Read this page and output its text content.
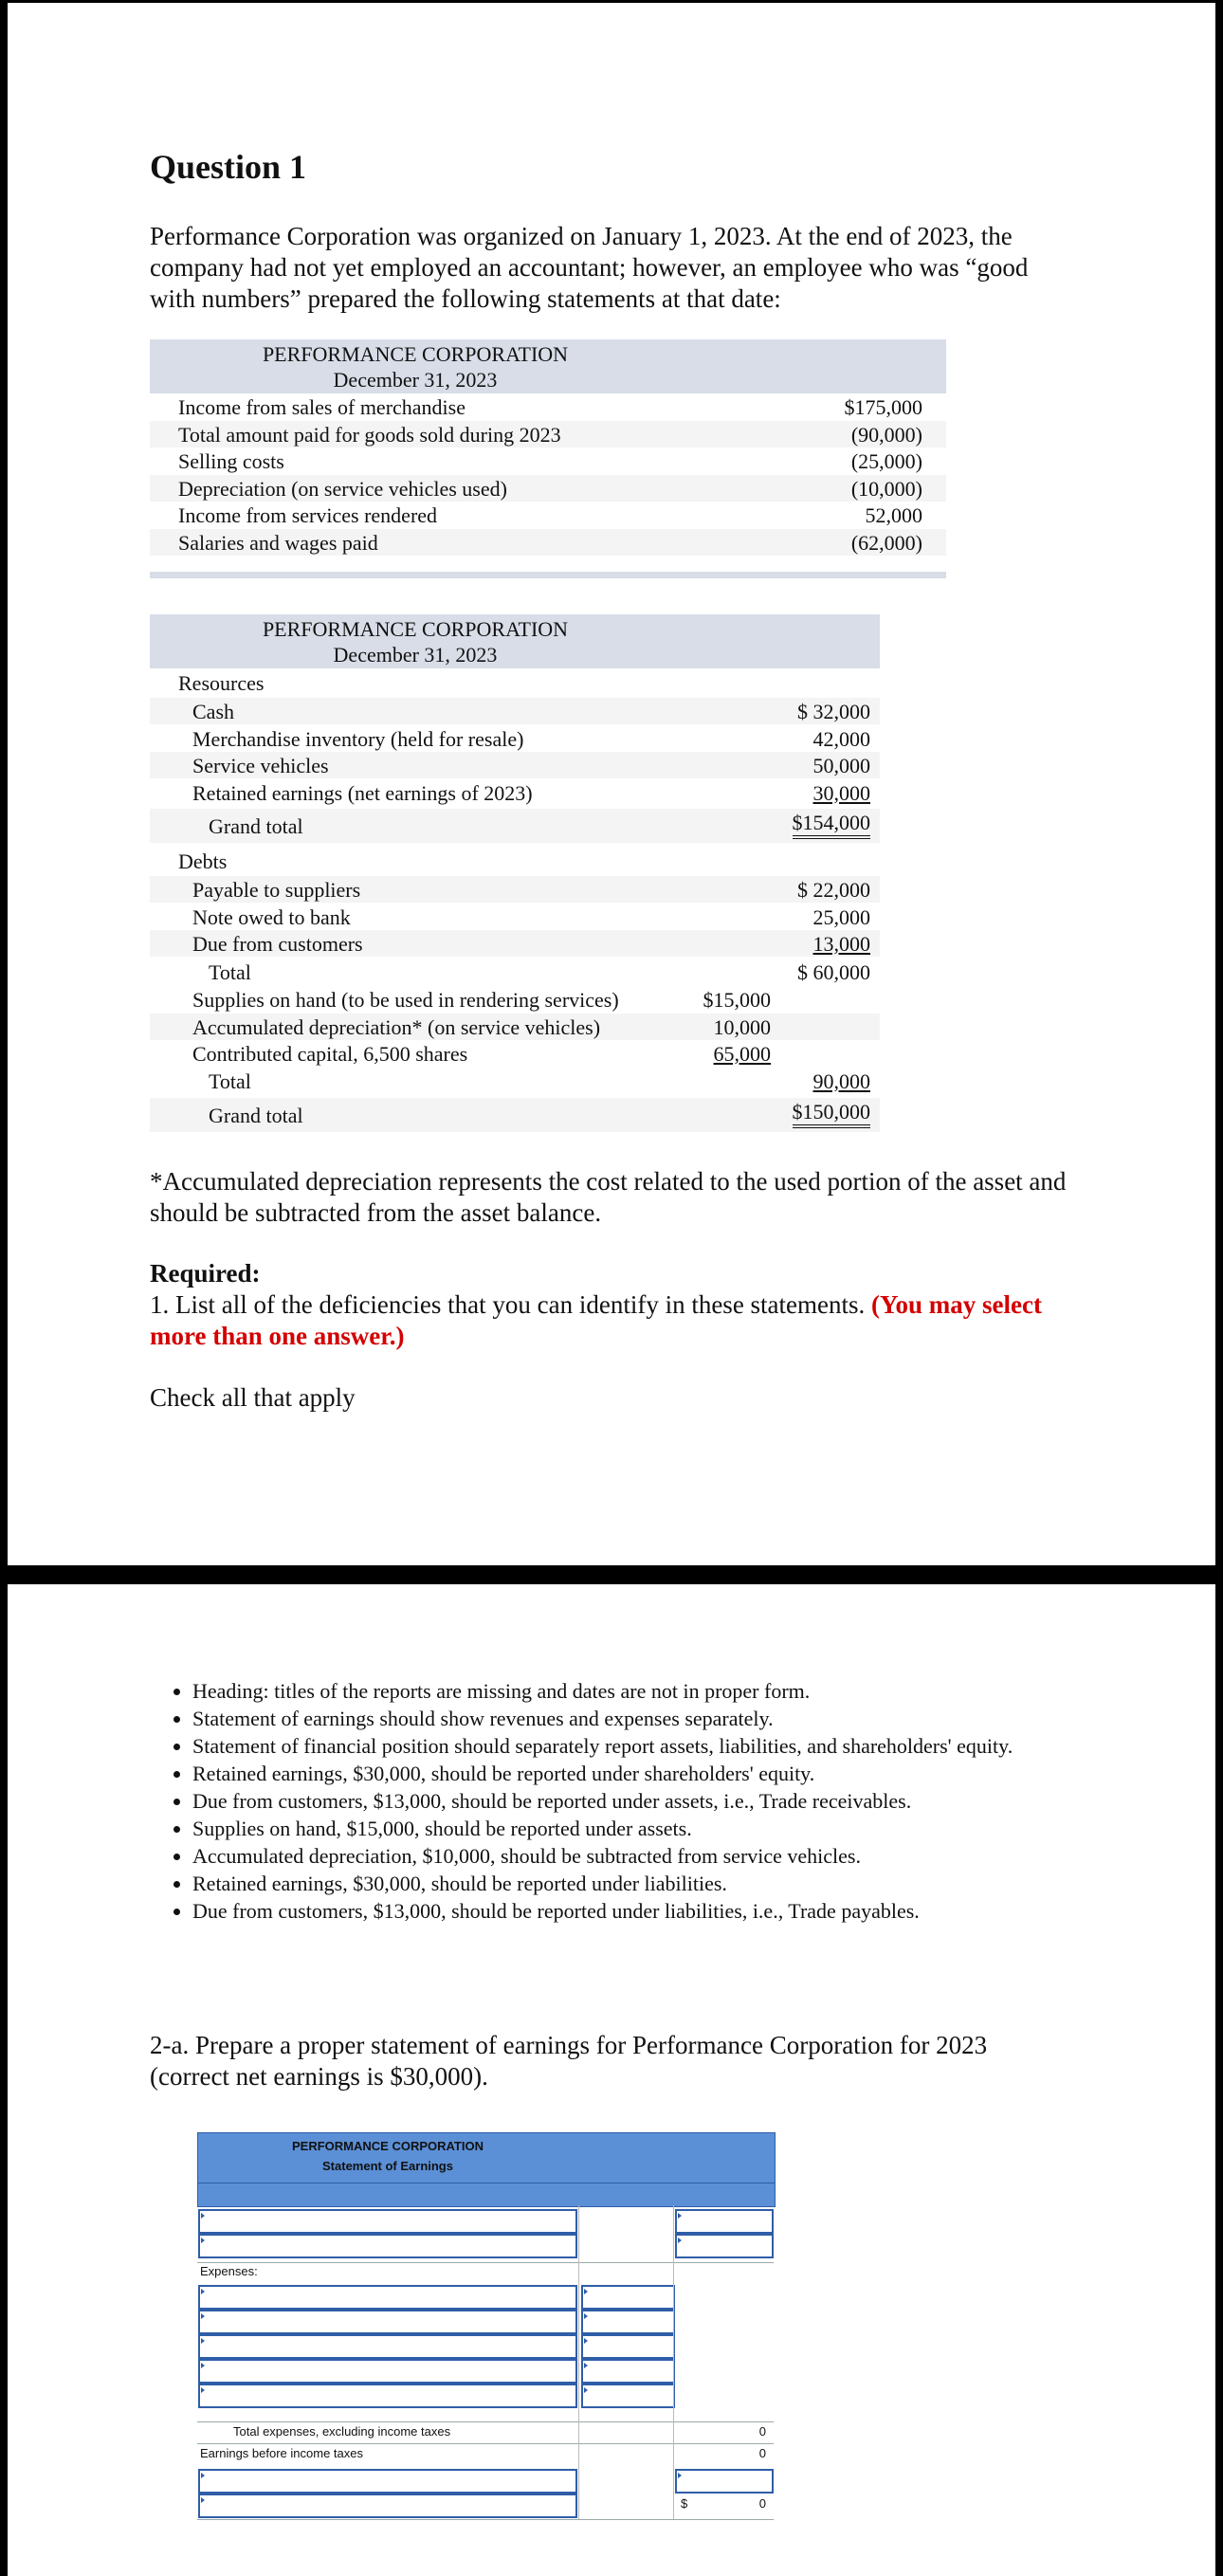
Question 1
Performance Corporation was organized on January 1, 2023. At the end of 2023, the company had not yet employed an accountant; however, an employee who was “good with numbers” prepared the following statements at that date:
PERFORMANCE CORPORATION
December 31, 2023
Income from sales of merchandise	$175,000
Total amount paid for goods sold during 2023	(90,000)
Selling costs	(25,000)
Depreciation (on service vehicles used)	(10,000)
Income from services rendered	52,000
Salaries and wages paid	(62,000)
PERFORMANCE CORPORATION
December 31, 2023
Resources
Cash	$ 32,000
Merchandise inventory (held for resale)	42,000
Service vehicles	50,000
Retained earnings (net earnings of 2023)	30,000
Grand total	$154,000
Debts
Payable to suppliers	$ 22,000
Note owed to bank	25,000
Due from customers	13,000
Total	$ 60,000
Supplies on hand (to be used in rendering services)	$15,000
Accumulated depreciation* (on service vehicles)	10,000
Contributed capital, 6,500 shares	65,000
Total	90,000
Grand total	$150,000
*Accumulated depreciation represents the cost related to the used portion of the asset and should be subtracted from the asset balance.
Required:
1. List all of the deficiencies that you can identify in these statements. (You may select more than one answer.)
Check all that apply
• Heading: titles of the reports are missing and dates are not in proper form.
• Statement of earnings should show revenues and expenses separately.
• Statement of financial position should separately report assets, liabilities, and shareholders' equity.
• Retained earnings, $30,000, should be reported under shareholders' equity.
• Due from customers, $13,000, should be reported under assets, i.e., Trade receivables.
• Supplies on hand, $15,000, should be reported under assets.
• Accumulated depreciation, $10,000, should be subtracted from service vehicles.
• Retained earnings, $30,000, should be reported under liabilities.
• Due from customers, $13,000, should be reported under liabilities, i.e., Trade payables.
2-a. Prepare a proper statement of earnings for Performance Corporation for 2023 (correct net earnings is $30,000).
PERFORMANCE CORPORATION
Statement of Earnings
Expenses:
Total expenses, excluding income taxes	0
Earnings before income taxes	0
$	0
